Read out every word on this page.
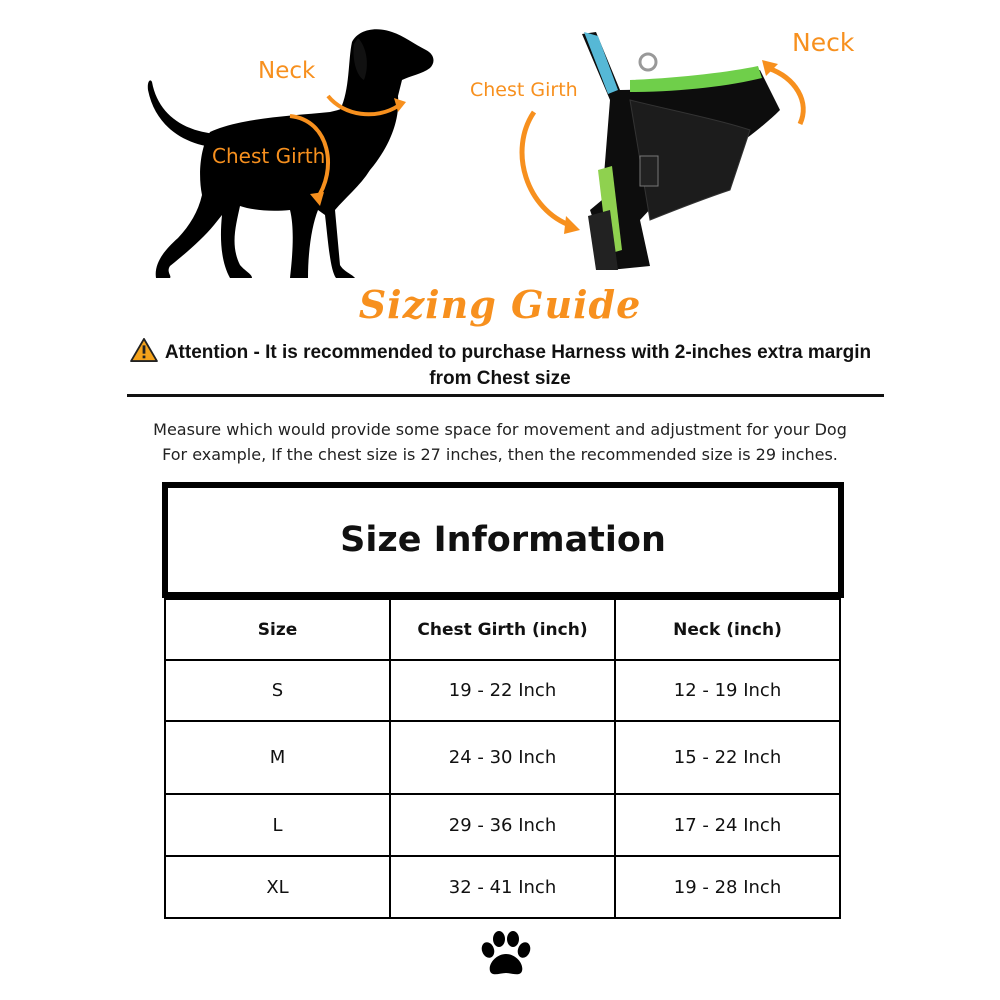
Neck
Chest Girth
Chest Girth
Neck
Sizing Guide
Attention - It is recommended to purchase Harness with 2-inches extra margin
from Chest size
Measure which would provide some space for movement and adjustment for your Dog
For example, If the chest size is 27 inches, then the recommended size is 29 inches.
Size Information
Size	Chest Girth (inch)	Neck (inch)
S	19 - 22 Inch	12 - 19 Inch
M	24 - 30 Inch	15 - 22 Inch
L	29 - 36 Inch	17 - 24 Inch
XL	32 - 41 Inch	19 - 28 Inch
